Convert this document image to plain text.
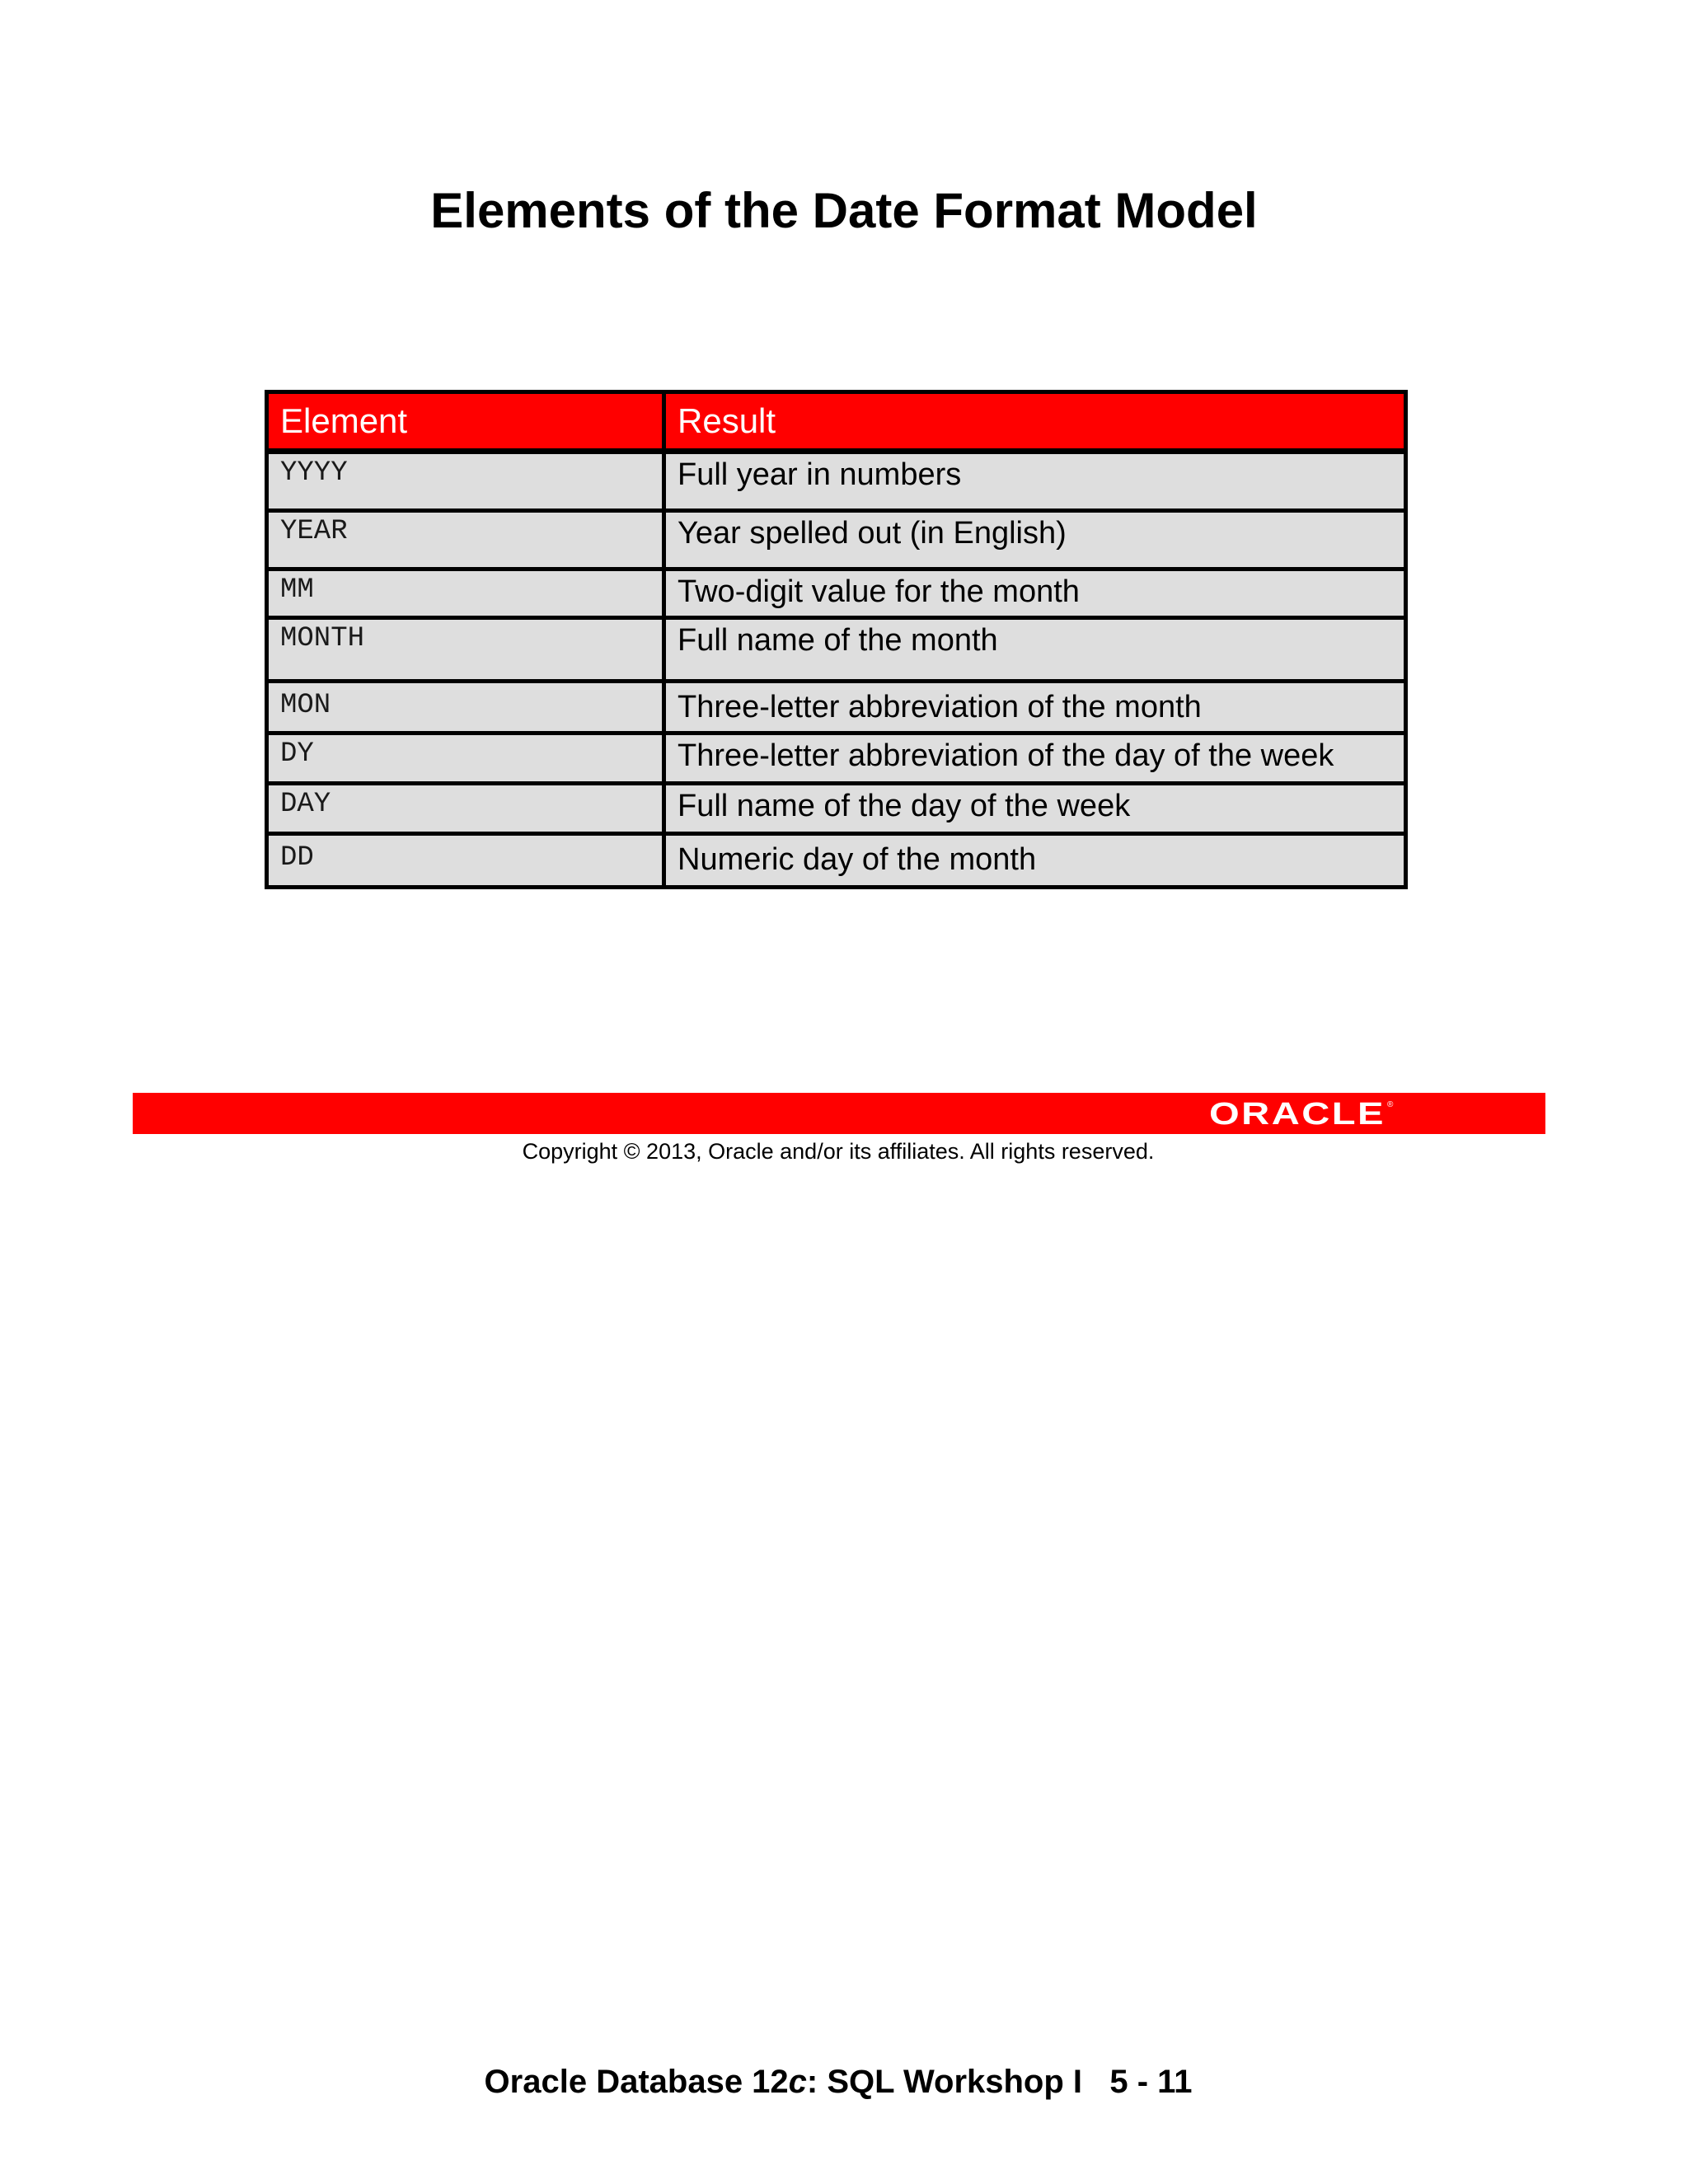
Elements of the Date Format Model
Element	Result
YYYY	Full year in numbers
YEAR	Year spelled out (in English)
MM	Two-digit value for the month
MONTH	Full name of the month
MON	Three-letter abbreviation of the month
DY	Three-letter abbreviation of the day of the week
DAY	Full name of the day of the week
DD	Numeric day of the month
ORACLE ®

Copyright © 2013, Oracle and/or its affiliates. All rights reserved.

Oracle Database 12c: SQL Workshop I 5 - 11
